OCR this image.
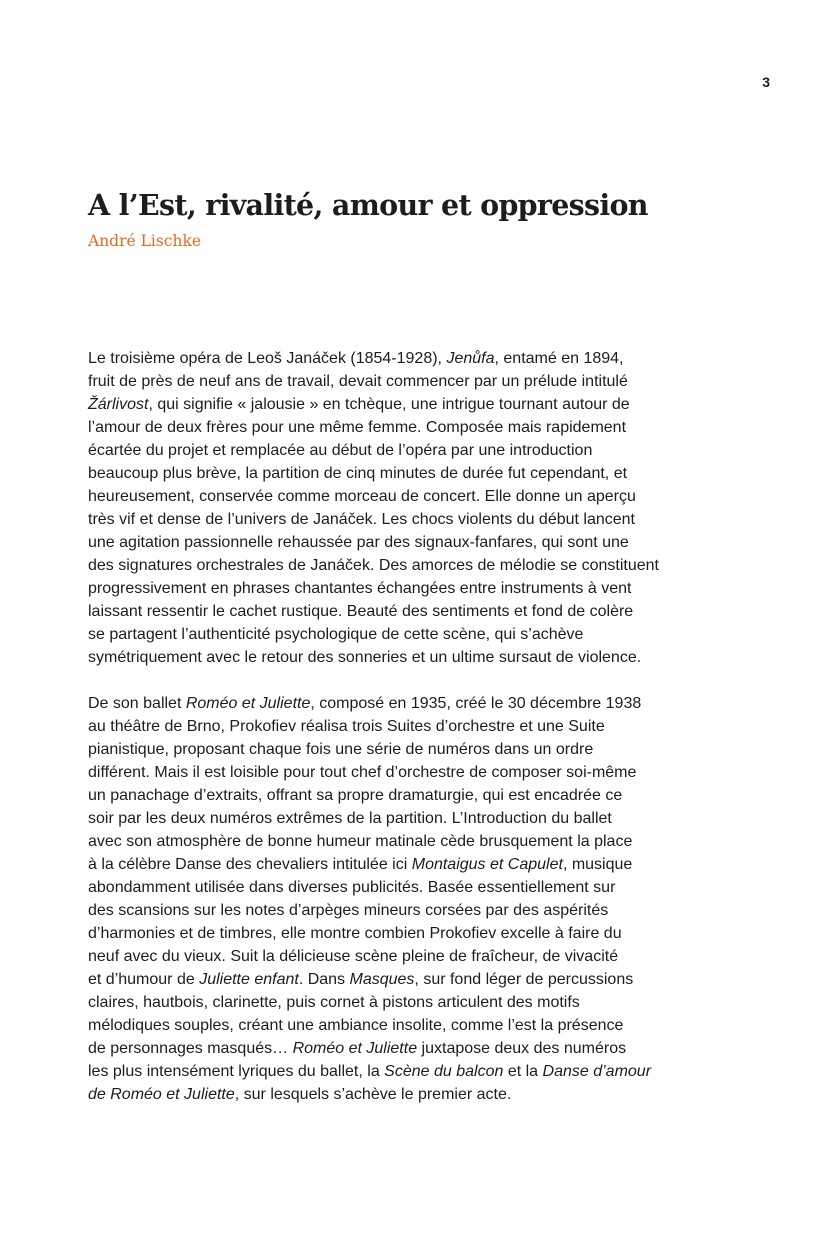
3
A l’Est, rivalité, amour et oppression

André Lischke

Le troisième opéra de Leoš Janáček (1854-1928), Jenůfa, entamé en 1894,
fruit de près de neuf ans de travail, devait commencer par un prélude intitulé
Žárlivost, qui signifie « jalousie » en tchèque, une intrigue tournant autour de
l’amour de deux frères pour une même femme. Composée mais rapidement
écartée du projet et remplacée au début de l’opéra par une introduction
beaucoup plus brève, la partition de cinq minutes de durée fut cependant, et
heureusement, conservée comme morceau de concert. Elle donne un aperçu
très vif et dense de l’univers de Janáček. Les chocs violents du début lancent
une agitation passionnelle rehaussée par des signaux-fanfares, qui sont une
des signatures orchestrales de Janáček. Des amorces de mélodie se constituent
progressivement en phrases chantantes échangées entre instruments à vent
laissant ressentir le cachet rustique. Beauté des sentiments et fond de colère
se partagent l’authenticité psychologique de cette scène, qui s’achève
symétriquement avec le retour des sonneries et un ultime sursaut de violence.

De son ballet Roméo et Juliette, composé en 1935, créé le 30 décembre 1938
au théâtre de Brno, Prokofiev réalisa trois Suites d’orchestre et une Suite
pianistique, proposant chaque fois une série de numéros dans un ordre
différent. Mais il est loisible pour tout chef d’orchestre de composer soi-même
un panachage d’extraits, offrant sa propre dramaturgie, qui est encadrée ce
soir par les deux numéros extrêmes de la partition. L’Introduction du ballet
avec son atmosphère de bonne humeur matinale cède brusquement la place
à la célèbre Danse des chevaliers intitulée ici Montaigus et Capulet, musique
abondamment utilisée dans diverses publicités. Basée essentiellement sur
des scansions sur les notes d’arpèges mineurs corsées par des aspérités
d’harmonies et de timbres, elle montre combien Prokofiev excelle à faire du
neuf avec du vieux. Suit la délicieuse scène pleine de fraîcheur, de vivacité
et d’humour de Juliette enfant. Dans Masques, sur fond léger de percussions
claires, hautbois, clarinette, puis cornet à pistons articulent des motifs
mélodiques souples, créant une ambiance insolite, comme l’est la présence
de personnages masqués… Roméo et Juliette juxtapose deux des numéros
les plus intensément lyriques du ballet, la Scène du balcon et la Danse d’amour
de Roméo et Juliette, sur lesquels s’achève le premier acte.
